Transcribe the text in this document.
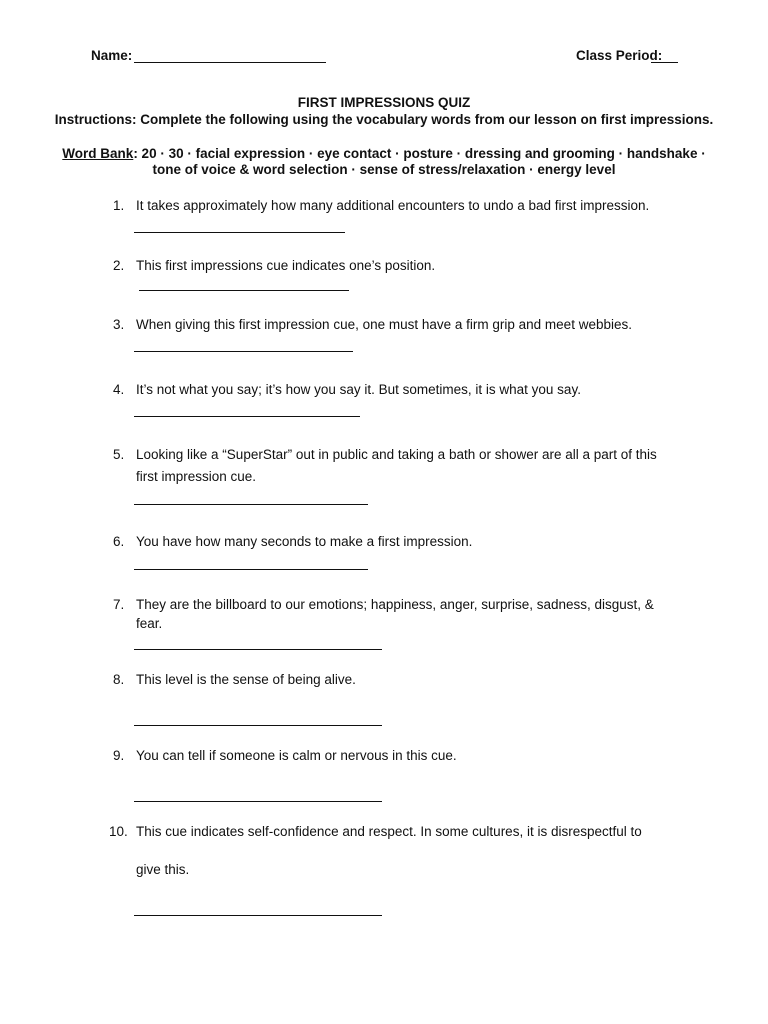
Name:	Class Period:
FIRST IMPRESSIONS QUIZ
Instructions: Complete the following using the vocabulary words from our lesson on first impressions.
Word Bank: 20 · 30 · facial expression · eye contact · posture · dressing and grooming · handshake ·
tone of voice & word selection · sense of stress/relaxation · energy level
1. It takes approximately how many additional encounters to undo a bad first impression.
2. This first impressions cue indicates one’s position.
3. When giving this first impression cue, one must have a firm grip and meet webbies.
4. It’s not what you say; it’s how you say it. But sometimes, it is what you say.
5. Looking like a “SuperStar” out in public and taking a bath or shower are all a part of this
first impression cue.
6. You have how many seconds to make a first impression.
7. They are the billboard to our emotions; happiness, anger, surprise, sadness, disgust, &
fear.
8. This level is the sense of being alive.
9. You can tell if someone is calm or nervous in this cue.
10. This cue indicates self-confidence and respect. In some cultures, it is disrespectful to
give this.
